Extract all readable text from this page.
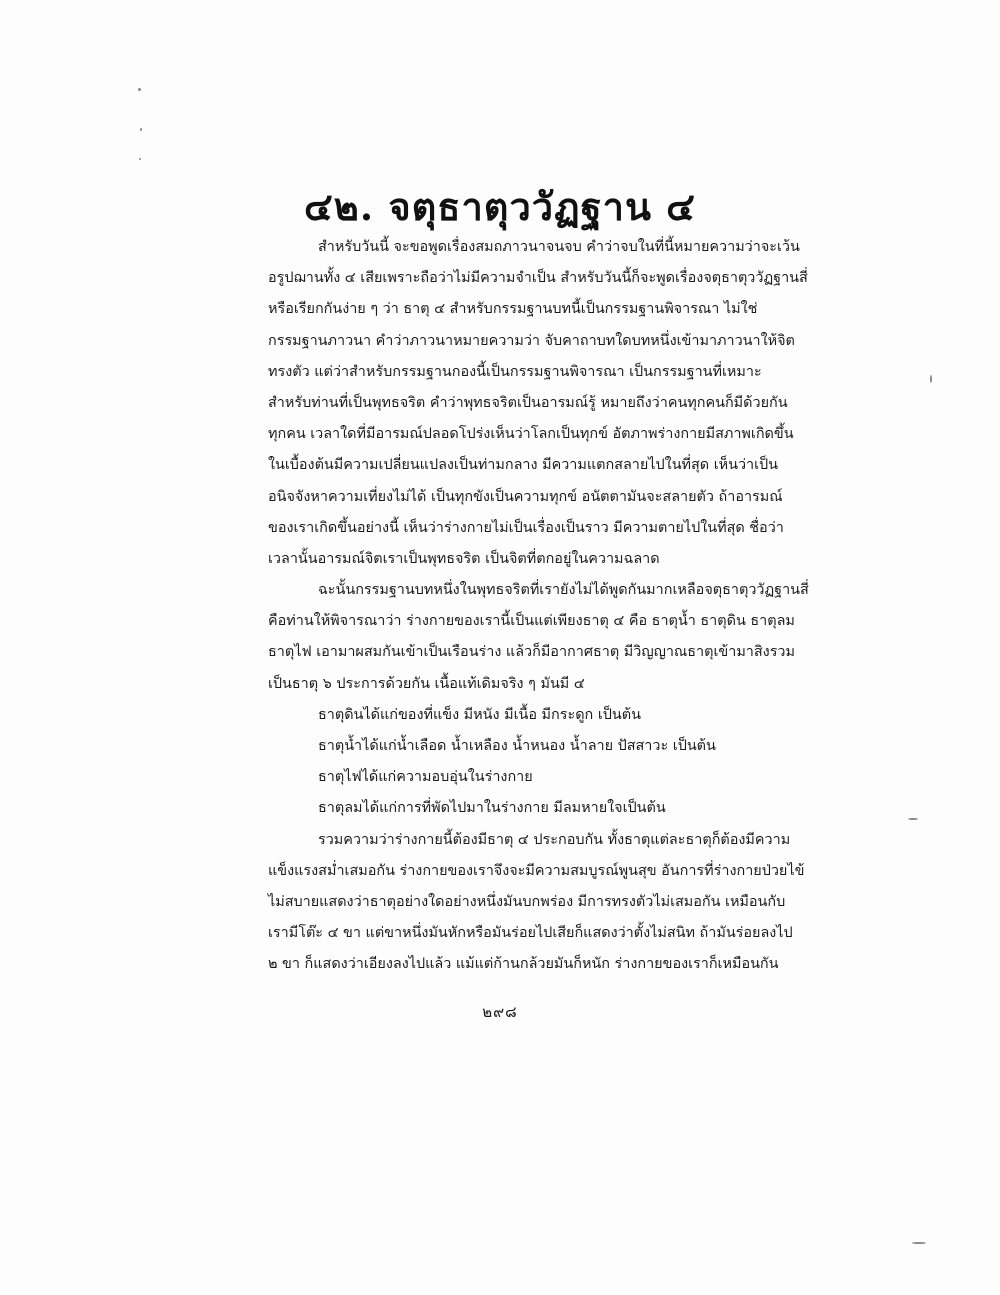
๔๒. จตุธาตุววัฏฐาน ๔
สำหรับวันนี้ จะขอพูดเรื่องสมถภาวนาจนจบ คำว่าจบในที่นี้หมายความว่าจะเว้น
อรูปฌานทั้ง ๔ เสียเพราะถือว่าไม่มีความจำเป็น สำหรับวันนี้ก็จะพูดเรื่องจตุธาตุววัฏฐานสี่
หรือเรียกกันง่าย ๆ ว่า ธาตุ ๔ สำหรับกรรมฐานบทนี้เป็นกรรมฐานพิจารณา ไม่ใช่
กรรมฐานภาวนา คำว่าภาวนาหมายความว่า จับคาถาบทใดบทหนึ่งเข้ามาภาวนาให้จิต
ทรงตัว แต่ว่าสำหรับกรรมฐานกองนี้เป็นกรรมฐานพิจารณา เป็นกรรมฐานที่เหมาะ
สำหรับท่านที่เป็นพุทธจริต คำว่าพุทธจริตเป็นอารมณ์รู้ หมายถึงว่าคนทุกคนก็มีด้วยกัน
ทุกคน เวลาใดที่มีอารมณ์ปลอดโปร่งเห็นว่าโลกเป็นทุกข์ อัตภาพร่างกายมีสภาพเกิดขึ้น
ในเบื้องต้นมีความเปลี่ยนแปลงเป็นท่ามกลาง มีความแตกสลายไปในที่สุด เห็นว่าเป็น
อนิจจังหาความเที่ยงไม่ได้ เป็นทุกขังเป็นความทุกข์ อนัตตามันจะสลายตัว ถ้าอารมณ์
ของเราเกิดขึ้นอย่างนี้ เห็นว่าร่างกายไม่เป็นเรื่องเป็นราว มีความตายไปในที่สุด ชื่อว่า
เวลานั้นอารมณ์จิตเราเป็นพุทธจริต เป็นจิตที่ตกอยู่ในความฉลาด
ฉะนั้นกรรมฐานบทหนึ่งในพุทธจริตที่เรายังไม่ได้พูดกันมากเหลือจตุธาตุววัฏฐานสี่
คือท่านให้พิจารณาว่า ร่างกายของเรานี้เป็นแต่เพียงธาตุ ๔ คือ ธาตุน้ำ ธาตุดิน ธาตุลม
ธาตุไฟ เอามาผสมกันเข้าเป็นเรือนร่าง แล้วก็มีอากาศธาตุ มีวิญญาณธาตุเข้ามาสิงรวม
เป็นธาตุ ๖ ประการด้วยกัน เนื้อแท้เดิมจริง ๆ มันมี ๔
ธาตุดินได้แก่ของที่แข็ง มีหนัง มีเนื้อ มีกระดูก เป็นต้น
ธาตุน้ำได้แก่น้ำเลือด น้ำเหลือง น้ำหนอง น้ำลาย ปัสสาวะ เป็นต้น
ธาตุไฟได้แก่ความอบอุ่นในร่างกาย
ธาตุลมได้แก่การที่พัดไปมาในร่างกาย มีลมหายใจเป็นต้น
รวมความว่าร่างกายนี้ต้องมีธาตุ ๔ ประกอบกัน ทั้งธาตุแต่ละธาตุก็ต้องมีความ
แข็งแรงสม่ำเสมอกัน ร่างกายของเราจึงจะมีความสมบูรณ์พูนสุข อันการที่ร่างกายป่วยไข้
ไม่สบายแสดงว่าธาตุอย่างใดอย่างหนึ่งมันบกพร่อง มีการทรงตัวไม่เสมอกัน เหมือนกับ
เรามีโต๊ะ ๔ ขา แต่ขาหนึ่งมันหักหรือมันร่อยไปเสียก็แสดงว่าตั้งไม่สนิท ถ้ามันร่อยลงไป
๒ ขา ก็แสดงว่าเอียงลงไปแล้ว แม้แต่ก้านกล้วยมันก็หนัก ร่างกายของเราก็เหมือนกัน
๒๙๘
